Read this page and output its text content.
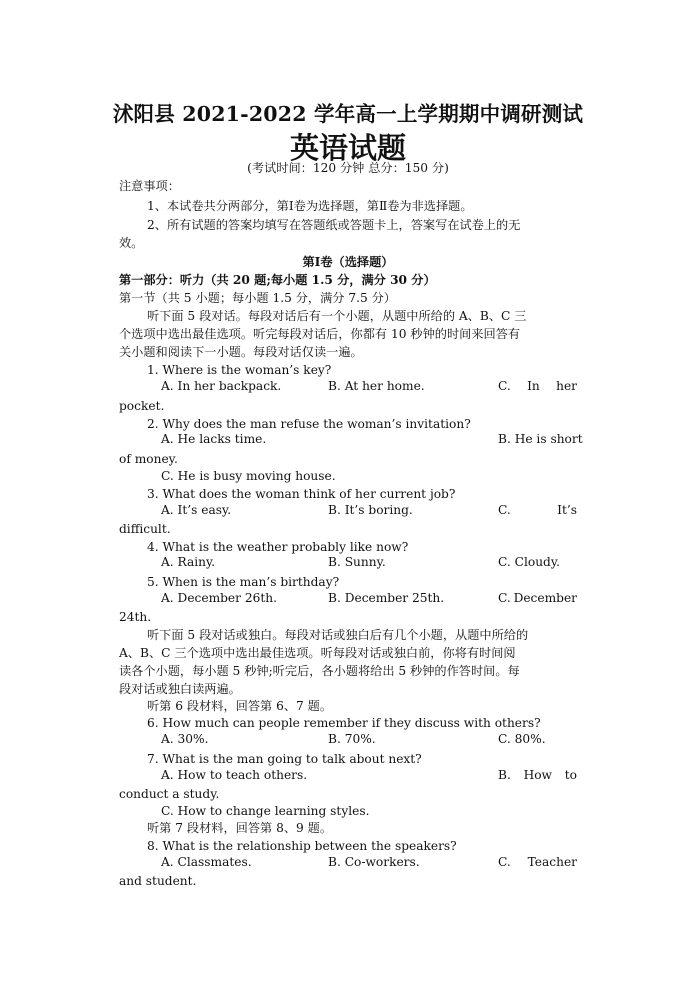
沭阳县 2021-2022 学年高一上学期期中调研测试
英语试题
(考试时间：120 分钟 总分：150 分)
注意事项：
1、本试卷共分两部分，第Ⅰ卷为选择题，第Ⅱ卷为非选择题。
2、所有试题的答案均填写在答题纸或答题卡上，答案写在试卷上的无
效。
第Ⅰ卷（选择题）
第一部分：听力（共 20 题;每小题 1.5 分，满分 30 分）
第一节（共 5 小题；每小题 1.5 分，满分 7.5 分）
听下面 5 段对话。每段对话后有一个小题，从题中所给的 A、B、C 三
个选项中选出最佳选项。听完每段对话后，你都有 10 秒钟的时间来回答有
关小题和阅读下一小题。每段对话仅读一遍。
1. Where is the woman’s key?
A. In her backpack.	B. At her home.	C. In her
pocket.
2. Why does the man refuse the woman’s invitation?
A. He lacks time.	B. He is short
of money.
C. He is busy moving house.
3. What does the woman think of her current job?
A. It’s easy.	B. It’s boring.	C.	It’s
difficult.
4. What is the weather probably like now?
A. Rainy.	B. Sunny.	C. Cloudy.
5. When is the man’s birthday?
A. December 26th.	B. December 25th.	C. December
24th.
听下面 5 段对话或独白。每段对话或独白后有几个小题，从题中所给的
A、B、C 三个选项中选出最佳选项。听每段对话或独白前，你将有时间阅
读各个小题，每小题 5 秒钟;听完后，各小题将给出 5 秒钟的作答时间。每
段对话或独白读两遍。
听第 6 段材料，回答第 6、7 题。
6. How much can people remember if they discuss with others?
A. 30%.	B. 70%.	C. 80%.
7. What is the man going to talk about next?
A. How to teach others.	B. How to
conduct a study.
C. How to change learning styles.
听第 7 段材料，回答第 8、9 题。
8. What is the relationship between the speakers?
A. Classmates.	B. Co-workers.	C. Teacher
and student.
